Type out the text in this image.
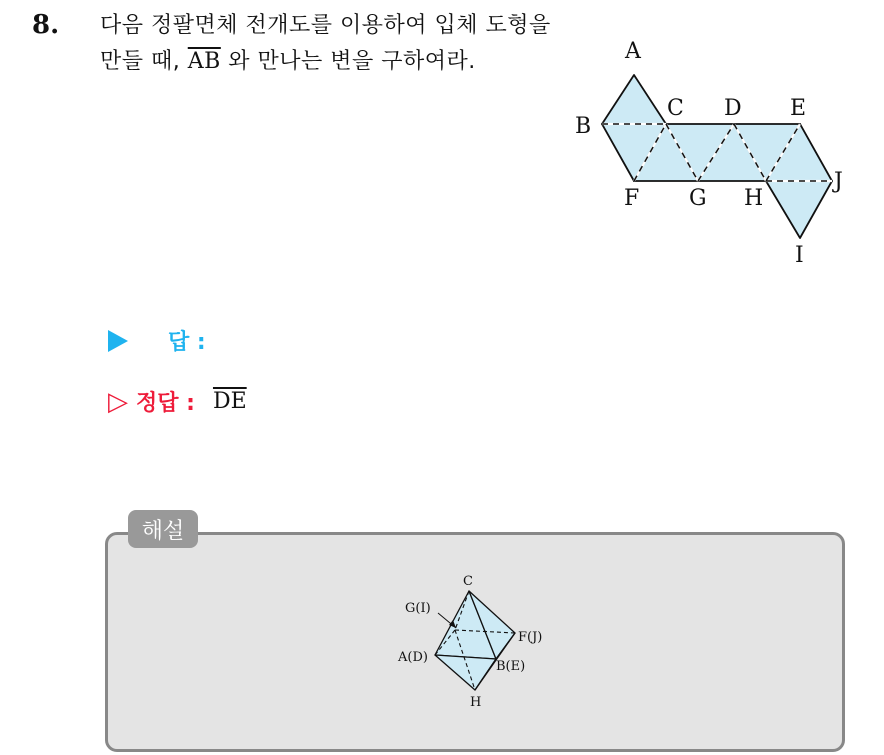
8. 다음 정팔면체 전개도를 이용하여 입체 도형을 만들 때, $\overline{AB}$ 와 만나는 변을 구하여라.	A
B
C D E
F G H
J
I
답 :
▷ 정답 : $\overline{DE}$
해설
C
G(I)
F(J)
A(D)
B(E)
H
